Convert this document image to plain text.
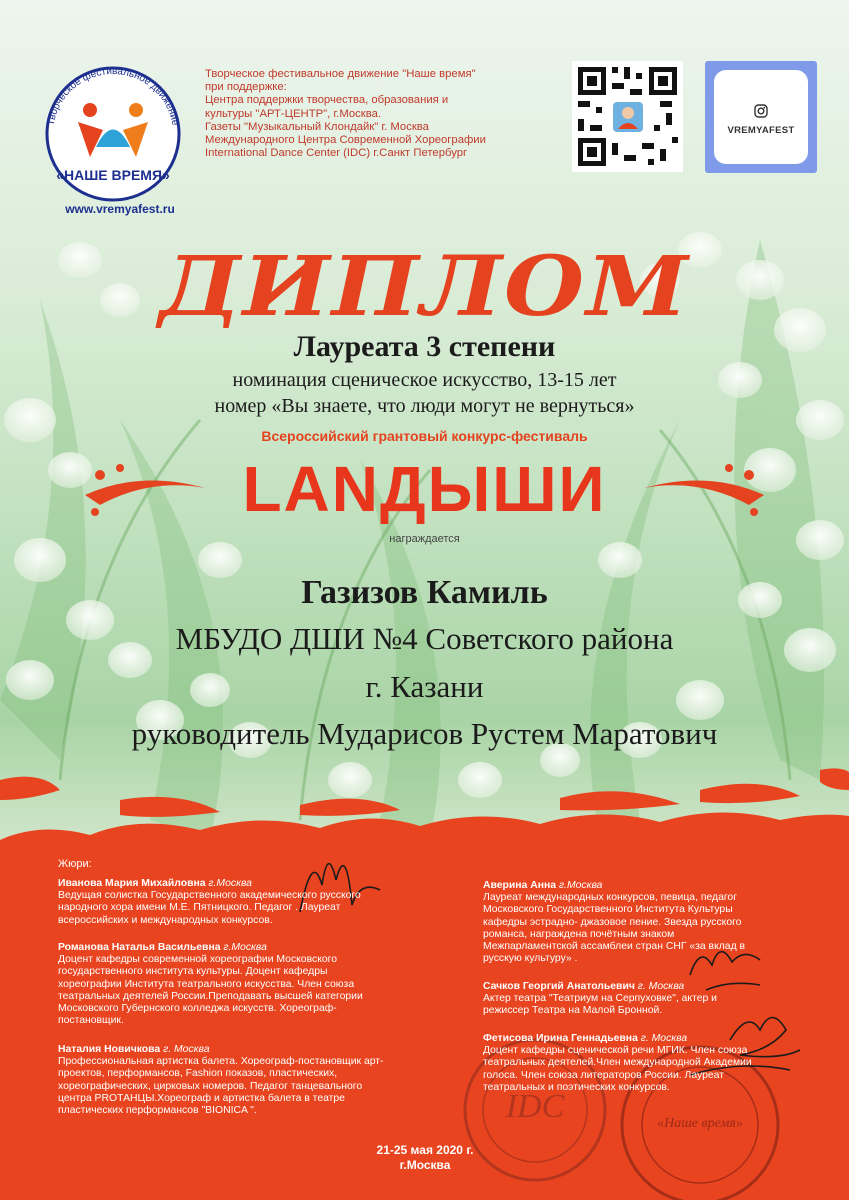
Творческое фестивальное движение
«НАШЕ ВРЕМЯ»
www.vremyafest.ru
Творческое фестивальное движение "Наше время"
при поддержке:
Центра поддержки творчества, образования и
культуры "АРТ-ЦЕНТР", г.Москва.
Газеты "Музыкальный Клондайк" г. Москва
Международного Центра Современной Хореографии
International Dance Center (IDC) г.Санкт Петербург
VREMYAFEST
ДИПЛОМ
Лауреата 3 степени
номинация сценическое искусство, 13-15 лет
номер «Вы знаете, что люди могут не вернуться»
Всероссийский грантовый конкурс-фестиваль
LANДЫШИ
награждается
Газизов Камиль
МБУДО ДШИ №4 Советского района
г. Казани
руководитель Мударисов Рустем Маратович
Жюри:
Иванова Мария Михайловна г.Москва
Ведущая солистка Государственного академического русского
народного хора имени М.Е. Пятницкого. Педагог . Лауреат
всероссийских и международных конкурсов.
Романова Наталья Васильевна г.Москва
Доцент кафедры современной хореографии Московского
государственного института культуры. Доцент кафедры
хореографии Института театрального искусства. Член союза
театральных деятелей России.Преподавать высшей категории
Московского Губернского колледжа искусств. Хореограф-
постановщик.
Наталия Новичкова г. Москва
Профессиональная артистка балета. Хореограф-постановщик арт-
проектов, перформансов, Fashion показов, пластических,
хореографических, цирковых номеров. Педагог танцевального
центра PROТАНЦЫ.Хореограф и артистка балета в театре
пластических перформансов "BIONICA ".
Аверина Анна г.Москва
Лауреат международных конкурсов, певица, педагог
Московского Государственного Института Культуры
кафедры эстрадно- джазовое пение. Звезда русского
романса, награждена почётным знаком
Межпарламентской ассамблеи стран СНГ «за вклад в
русскую культуру» .
Сачков Георгий Анатольевич г. Москва
Актер театра "Театриум на Серпуховке", актер и
режиссер Театра на Малой Бронной.
Фетисова Ирина Геннадьевна г. Москва
Доцент кафедры сценической речи МГИК. Член союза
театральных деятелей.Член международной Академии
голоса. Член союза литераторов России. Лауреат
театральных и поэтических конкурсов.
IDC	«Наше время»
21-25 мая 2020 г.
г.Москва
